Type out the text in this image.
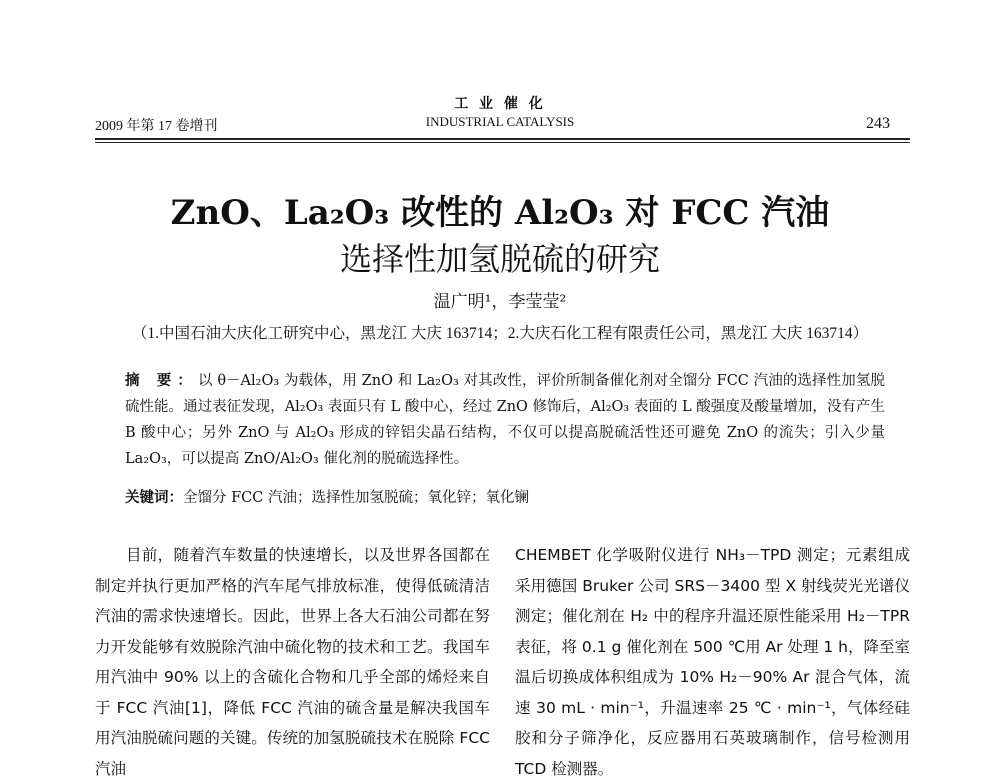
2009 年第 17 卷增刊
工 业 催 化
INDUSTRIAL CATALYSIS	243
ZnO、La₂O₃ 改性的 Al₂O₃ 对 FCC 汽油
选择性加氢脱硫的研究
温广明¹，李莹莹²
（1.中国石油大庆化工研究中心，黑龙江 大庆 163714；2.大庆石化工程有限责任公司，黑龙江 大庆 163714）
摘 要：以 θ－Al₂O₃ 为载体，用 ZnO 和 La₂O₃ 对其改性，评价所制备催化剂对全馏分 FCC 汽油的选择性加氢脱硫性能。通过表征发现，Al₂O₃ 表面只有 L 酸中心，经过 ZnO 修饰后，Al₂O₃ 表面的 L 酸强度及酸量增加，没有产生 B 酸中心；另外 ZnO 与 Al₂O₃ 形成的锌铝尖晶石结构，不仅可以提高脱硫活性还可避免 ZnO 的流失；引入少量 La₂O₃，可以提高 ZnO/Al₂O₃ 催化剂的脱硫选择性。
关键词：全馏分 FCC 汽油；选择性加氢脱硫；氧化锌；氧化镧
目前，随着汽车数量的快速增长，以及世界各国都在制定并执行更加严格的汽车尾气排放标准，使得低硫清洁汽油的需求快速增长。因此，世界上各大石油公司都在努力开发能够有效脱除汽油中硫化物的技术和工艺。我国车用汽油中 90% 以上的含硫化合物和几乎全部的烯烃来自于 FCC 汽油[1]，降低 FCC 汽油的硫含量是解决我国车用汽油脱硫问题的关键。传统的加氢脱硫技术在脱除 FCC 汽油
CHEMBET 化学吸附仪进行 NH₃－TPD 测定；元素组成采用德国 Bruker 公司 SRS－3400 型 X 射线荧光光谱仪测定；催化剂在 H₂ 中的程序升温还原性能采用 H₂－TPR 表征，将 0.1 g 催化剂在 500 ℃用 Ar 处理 1 h，降至室温后切换成体积组成为 10% H₂－90% Ar 混合气体，流速 30 mL · min⁻¹，升温速率 25 ℃ · min⁻¹，气体经硅胶和分子筛净化，反应器用石英玻璃制作，信号检测用 TCD 检测器。
